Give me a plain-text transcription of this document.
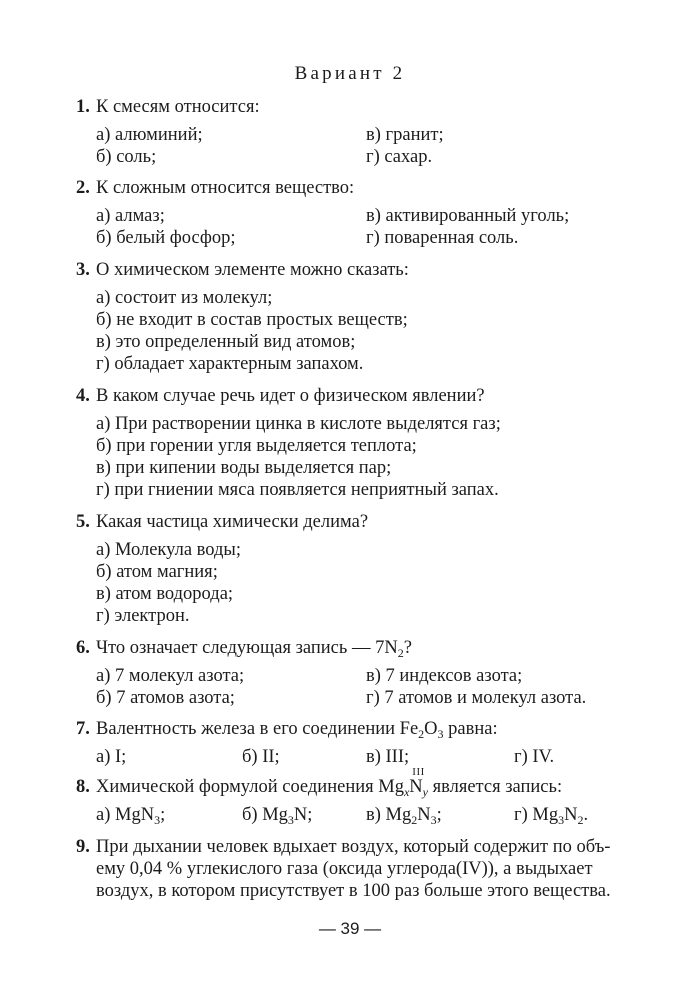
Вариант 2
1. К смесям относится:
а) алюминий;	в) гранит;
б) соль;	г) сахар.
2. К сложным относится вещество:
а) алмаз;	в) активированный уголь;
б) белый фосфор;	г) поваренная соль.
3. О химическом элементе можно сказать:
а) состоит из молекул;
б) не входит в состав простых веществ;
в) это определенный вид атомов;
г) обладает характерным запахом.
4. В каком случае речь идет о физическом явлении?
а) При растворении цинка в кислоте выделятся газ;
б) при горении угля выделяется теплота;
в) при кипении воды выделяется пар;
г) при гниении мяса появляется неприятный запах.
5. Какая частица химически делима?
а) Молекула воды;
б) атом магния;
в) атом водорода;
г) электрон.
6. Что означает следующая запись — $7N_2$?
а) 7 молекул азота;	в) 7 индексов азота;
б) 7 атомов азота;	г) 7 атомов и молекул азота.
7. Валентность железа в его соединении $Fe_2O_3$ равна:
а) I;	б) II;	в) III;	г) IV.
8. Химической формулой соединения $Mg_x$
III
$N_y$ является запись:
а) MgN$_3$;	б) $Mg_3N$;	в) $Mg_2N_3$;	г) $Mg_3N_2$.
9. При дыхании человек вдыхает воздух, который содержит по объ-
ему 0,04 % углекислого газа (оксида углерода(IV)), а выдыхает
воздух, в котором присутствует в 100 раз больше этого вещества.
— 39 —
